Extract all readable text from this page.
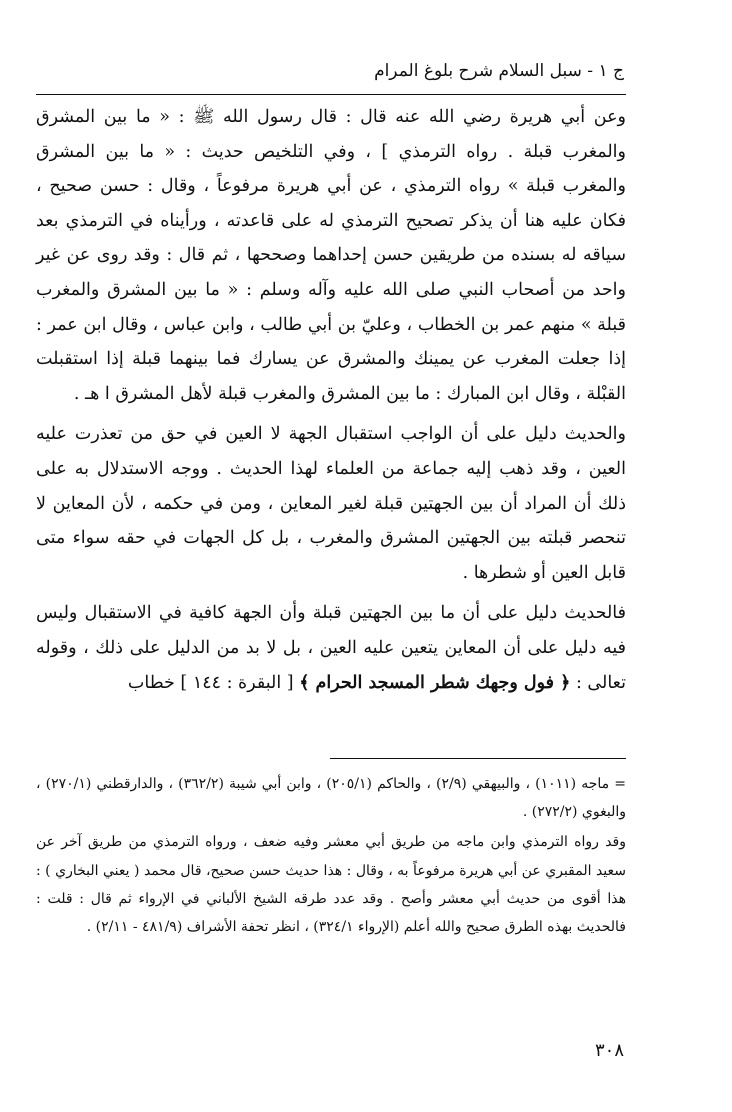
ج ١ - سبل السلام شرح بلوغ المرام

وعن أبي هريرة رضي الله عنه قال : قال رسول الله ﷺ : « ما بين المشرق والمغرب قبلة . رواه الترمذي ] ، وفي التلخيص حديث : « ما بين المشرق والمغرب قبلة » رواه الترمذي ، عن أبي هريرة مرفوعاً ، وقال : حسن صحيح ، فكان عليه هنا أن يذكر تصحيح الترمذي له على قاعدته ، ورأيناه في الترمذي بعد سياقه له بسنده من طريقين حسن إحداهما وصححها ، ثم قال : وقد روى عن غير واحد من أصحاب النبي صلى الله عليه وآله وسلم : « ما بين المشرق والمغرب قبلة » منهم عمر بن الخطاب ، وعليّ بن أبي طالب ، وابن عباس ، وقال ابن عمر : إذا جعلت المغرب عن يمينك والمشرق عن يسارك فما بينهما قبلة إذا استقبلت القبْلة ، وقال ابن المبارك : ما بين المشرق والمغرب قبلة لأهل المشرق ا هـ .

والحديث دليل على أن الواجب استقبال الجهة لا العين في حق من تعذرت عليه العين ، وقد ذهب إليه جماعة من العلماء لهذا الحديث . ووجه الاستدلال به على ذلك أن المراد أن بين الجهتين قبلة لغير المعاين ، ومن في حكمه ، لأن المعاين لا تنحصر قبلته بين الجهتين المشرق والمغرب ، بل كل الجهات في حقه سواء متى قابل العين أو شطرها .

فالحديث دليل على أن ما بين الجهتين قبلة وأن الجهة كافية في الاستقبال وليس فيه دليل على أن المعاين يتعين عليه العين ، بل لا بد من الدليل على ذلك ، وقوله تعالى : ﴿ فول وجهك شطر المسجد الحرام ﴾ [ البقرة : ١٤٤ ] خطاب

= ماجه (١٠١١) ، والبيهقي (٢/٩) ، والحاكم (٢٠٥/١) ، وابن أبي شيبة (٣٦٢/٢) ، والدارقطني (٢٧٠/١) ، والبغوي (٢٧٢/٢) .

وقد رواه الترمذي وابن ماجه من طريق أبي معشر وفيه ضعف ، ورواه الترمذي من طريق آخر عن سعيد المقبري عن أبي هريرة مرفوعاً به ، وقال : هذا حديث حسن صحيح، قال محمد ( يعني البخاري ) : هذا أقوى من حديث أبي معشر وأصح . وقد عدد طرقه الشيخ الألباني في الإرواء ثم قال : قلت : فالحديث بهذه الطرق صحيح والله أعلم (الإرواء ٣٢٤/١) ، انظر تحفة الأشراف (٤٨١/٩ - ٢/١١) .

٣٠٨
